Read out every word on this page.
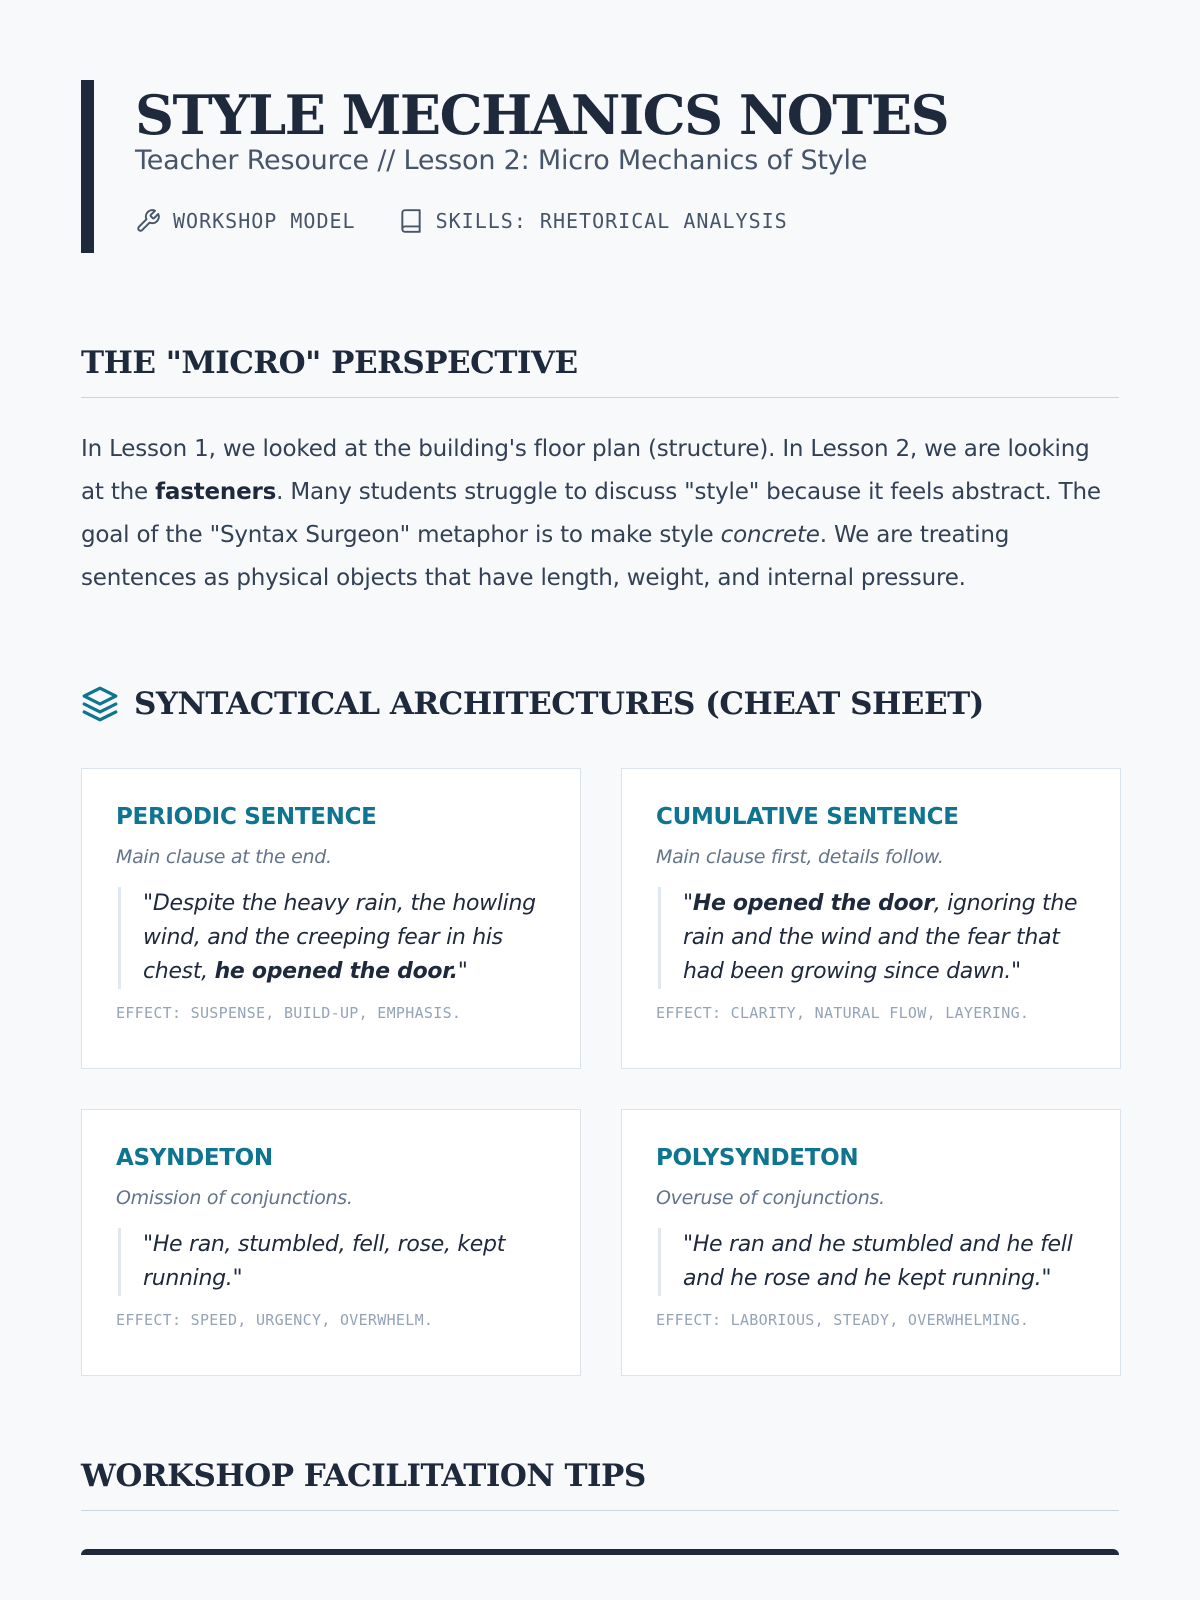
STYLE MECHANICS NOTES
Teacher Resource // Lesson 2: Micro Mechanics of Style
WORKSHOP MODEL	SKILLS: RHETORICAL ANALYSIS
THE "MICRO" PERSPECTIVE

In Lesson 1, we looked at the building's floor plan (structure). In Lesson 2, we are looking at the fasteners. Many students struggle to discuss "style" because it feels abstract. The goal of the "Syntax Surgeon" metaphor is to make style concrete. We are treating sentences as physical objects that have length, weight, and internal pressure.

SYNTACTICAL ARCHITECTURES (CHEAT SHEET)
PERIODIC SENTENCE
Main clause at the end.
"Despite the heavy rain, the howling wind, and the creeping fear in his chest, he opened the door."
EFFECT: SUSPENSE, BUILD-UP, EMPHASIS.
CUMULATIVE SENTENCE
Main clause first, details follow.
"He opened the door, ignoring the rain and the wind and the fear that had been growing since dawn."
EFFECT: CLARITY, NATURAL FLOW, LAYERING.
ASYNDETON
Omission of conjunctions.
"He ran, stumbled, fell, rose, kept running."
EFFECT: SPEED, URGENCY, OVERWHELM.
POLYSYNDETON
Overuse of conjunctions.
"He ran and he stumbled and he fell and he rose and he kept running."
EFFECT: LABORIOUS, STEADY, OVERWHELMING.
WORKSHOP FACILITATION TIPS
